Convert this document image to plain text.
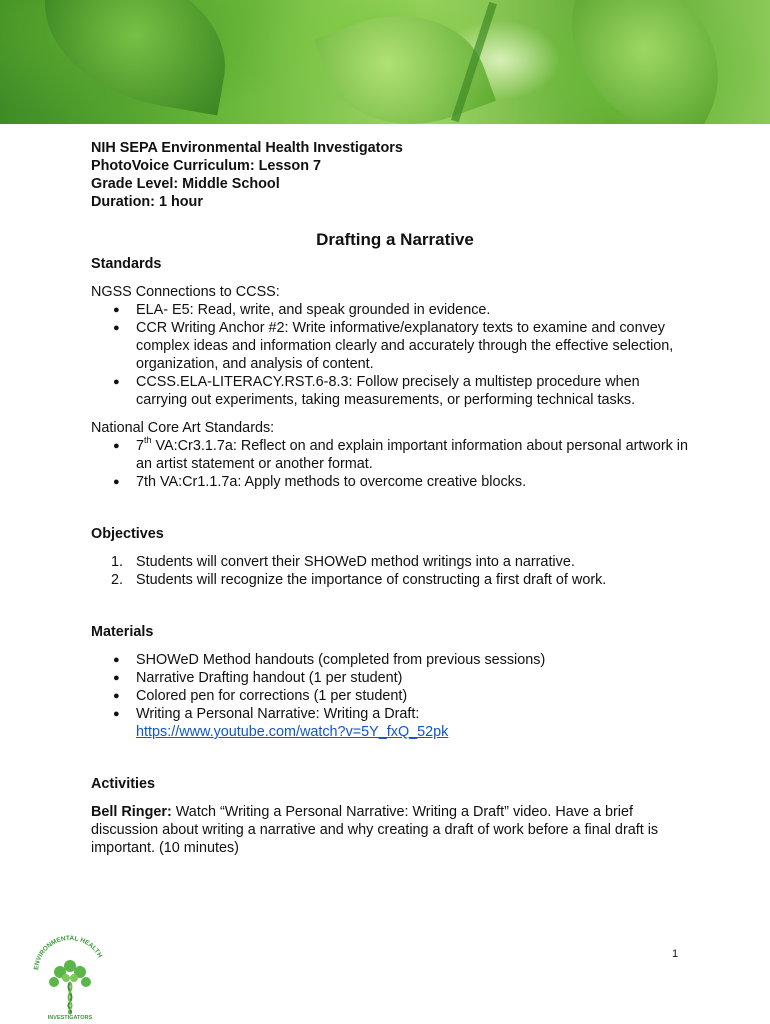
NIH SEPA Environmental Health Investigators
PhotoVoice Curriculum: Lesson 7
Grade Level: Middle School
Duration: 1 hour
Drafting a Narrative
Standards
NGSS Connections to CCSS:
● ELA- E5: Read, write, and speak grounded in evidence.
● CCR Writing Anchor #2: Write informative/explanatory texts to examine and convey complex ideas and information clearly and accurately through the effective selection, organization, and analysis of content.
● CCSS.ELA-LITERACY.RST.6-8.3: Follow precisely a multistep procedure when carrying out experiments, taking measurements, or performing technical tasks.
National Core Art Standards:
● 7th VA:Cr3.1.7a: Reflect on and explain important information about personal artwork in an artist statement or another format.
● 7th VA:Cr1.1.7a: Apply methods to overcome creative blocks.
Objectives
1. Students will convert their SHOWeD method writings into a narrative.
2. Students will recognize the importance of constructing a first draft of work.
Materials
● SHOWeD Method handouts (completed from previous sessions)
● Narrative Drafting handout (1 per student)
● Colored pen for corrections (1 per student)
● Writing a Personal Narrative: Writing a Draft:
https://www.youtube.com/watch?v=5Y_fxQ_52pk
Activities
Bell Ringer: Watch “Writing a Personal Narrative: Writing a Draft” video. Have a brief discussion about writing a narrative and why creating a draft of work before a final draft is important. (10 minutes)
1
ENVIRONMENTAL HEALTH
INVESTIGATORS
